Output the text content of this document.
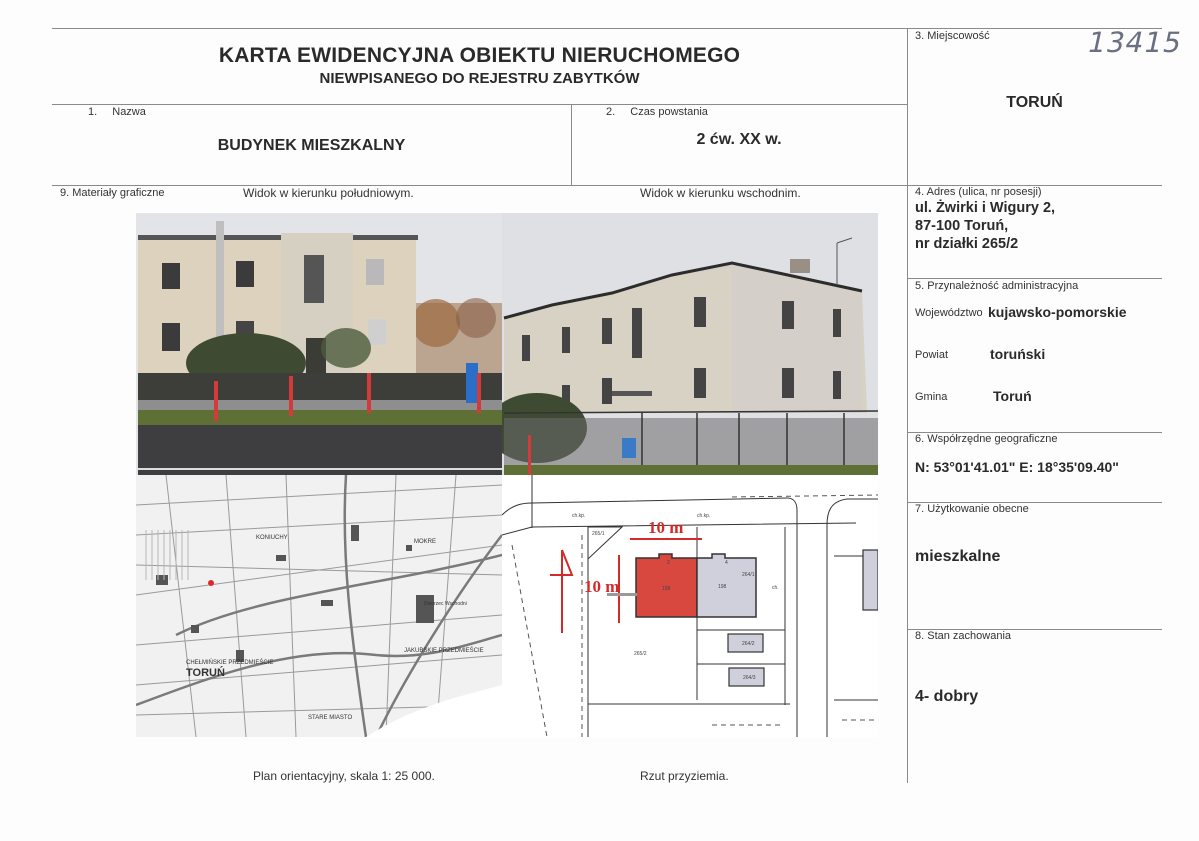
KARTA EWIDENCYJNA OBIEKTU NIERUCHOMEGO
NIEWPISANEGO DO REJESTRU ZABYTKÓW
13415
1. Nazwa
BUDYNEK MIESZKALNY
2. Czas powstania
2 ćw. XX w.
3. Miejscowość
TORUŃ
4. Adres (ulica, nr posesji)
ul. Żwirki i Wigury 2,
87-100 Toruń,
nr działki 265/2
5. Przynależność administracyjna
Województwo kujawsko-pomorskie
Powiat	toruński
Gmina	Toruń
6. Współrzędne geograficzne
N: 53°01'41.01" E: 18°35'09.40"
7. Użytkowanie obecne
mieszkalne
8. Stan zachowania
4- dobry
9. Materiały graficzne	Widok w kierunku południowym.	Widok w kierunku wschodnim.
KONIUCHY
MOKRE
CHEŁMIŃSKIE PRZEDMIEŚCIE
TORUŃ
JAKUBSKIE PRZEDMIEŚCIE
STARE MIASTO
Dworzec Wschodni
10 m
10 m
ch.kp.	ch.kp.
265/1
265/2
264/1
198	198
2	4
264/2
264/3
ch.
Plan orientacyjny, skala 1: 25 000.	Rzut przyziemia.
